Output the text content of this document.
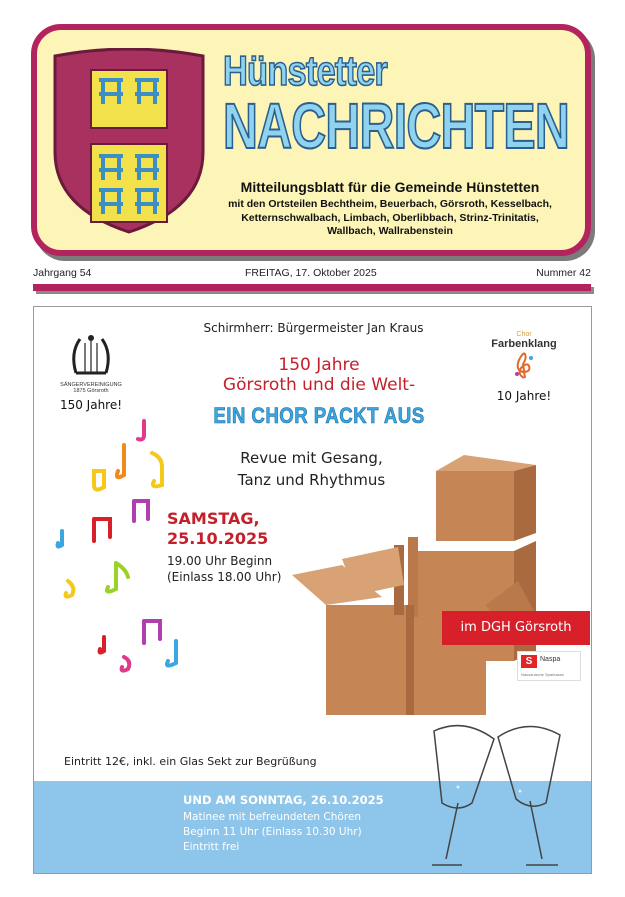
Hünstetter
NACHRICHTEN
Mitteilungsblatt für die Gemeinde Hünstetten
mit den Ortsteilen Bechtheim, Beuerbach, Görsroth, Kesselbach,
Ketternschwalbach, Limbach, Oberlibbach, Strinz-Trinitatis,
Wallbach, Wallrabenstein
Jahrgang 54	FREITAG, 17. Oktober 2025	Nummer 42
Schirmherr: Bürgermeister Jan Kraus
SÄNGERVEREINIGUNG
1875 Görsroth
150 Jahre!
Chor
Farbenklang
10 Jahre!
150 Jahre
Görsroth und die Welt-
EIN CHOR PACKT AUS
Revue mit Gesang,
Tanz und Rhythmus
SAMSTAG,
25.10.2025
19.00 Uhr Beginn
(Einlass 18.00 Uhr)
im DGH Görsroth
S	Naspa
Nassauische Sparkasse
Eintritt 12€, inkl. ein Glas Sekt zur Begrüßung
UND AM SONNTAG, 26.10.2025
Matinee mit befreundeten Chören
Beginn 11 Uhr (Einlass 10.30 Uhr)
Eintritt frei
